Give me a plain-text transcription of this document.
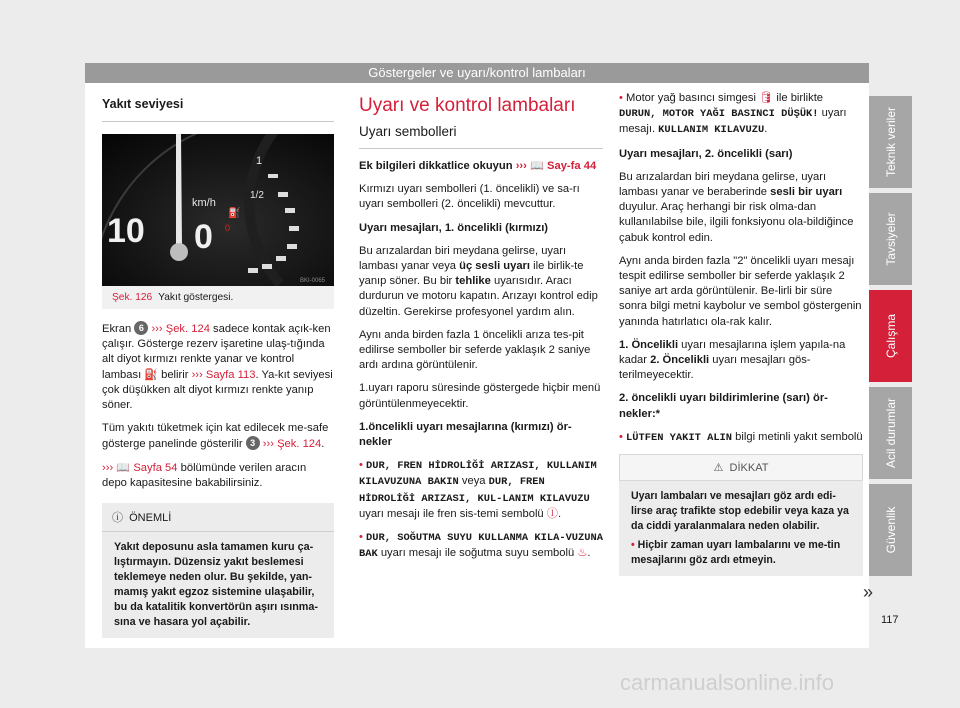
Göstergeler ve uyarı/kontrol lambaları
Yakıt seviyesi
km/h
10 0
1
1/2
⛽
0
BKI-0065
Şek. 126 Yakıt göstergesi.

Ekran 6 ››› Şek. 124 sadece kontak açık-ken çalışır. Gösterge rezerv işaretine ulaş-tığında alt diyot kırmızı renkte yanar ve kontrol lambası ⛽ belirir ››› Sayfa 113. Ya-kıt seviyesi çok düşükken alt diyot kırmızı renkte yanıp söner.

Tüm yakıtı tüketmek için kat edilecek me-safe gösterge panelinde gösterilir 3 ››› Şek. 124.

››› 📖 Sayfa 54 bölümünde verilen aracın depo kapasitesine bakabilirsiniz.

ⓘ ÖNEMLİ
Yakıt deposunu asla tamamen kuru ça-lıştırmayın. Düzensiz yakıt beslemesi teklemeye neden olur. Bu şekilde, yan-mamış yakıt egzoz sistemine ulaşabilir, bu da katalitik konvertörün aşırı ısınma-sına ve hasara yol açabilir.
Uyarı ve kontrol lambaları
Uyarı sembolleri

Ek bilgileri dikkatlice okuyun ››› 📖 Say-fa 44

Kırmızı uyarı sembolleri (1. öncelikli) ve sa-rı uyarı sembolleri (2. öncelikli) mevcuttur.

Uyarı mesajları, 1. öncelikli (kırmızı)

Bu arızalardan biri meydana gelirse, uyarı lambası yanar veya üç sesli uyarı ile birlik-te yanıp söner. Bu bir tehlike uyarısıdır. Aracı durdurun ve motoru kapatın. Arızayı kontrol edip düzeltin. Gerekirse profesyonel yardım alın.

Aynı anda birden fazla 1 öncelikli arıza tes-pit edilirse semboller bir seferde yaklaşık 2 saniye ardı ardına görüntülenir.

1.uyarı raporu süresinde göstergede hiçbir menü görüntülenmeyecektir.

1.öncelikli uyarı mesajlarına (kırmızı) ör-nekler

• DUR, FREN HİDROLİĞİ ARIZASI, KULLANIM KILAVUZUNA BAKIN veya DUR, FREN HİDROLİĞİ ARIZASI, KUL-LANIM KILAVUZU uyarı mesajı ile fren sis-temi sembolü Ⓘ.

• DUR, SOĞUTMA SUYU KULLANMA KILA-VUZUNA BAK uyarı mesajı ile soğutma suyu sembolü ♨.

• Motor yağ basıncı simgesi 🛢 ile birlikte DURUN, MOTOR YAĞI BASINCI DÜŞÜK! uyarı mesajı. KULLANIM KILAVUZU.

Uyarı mesajları, 2. öncelikli (sarı)

Bu arızalardan biri meydana gelirse, uyarı lambası yanar ve beraberinde sesli bir uyarı duyulur. Araç herhangi bir risk olma-dan kullanılabilse bile, ilgili fonksiyonu ola-bildiğince çabuk kontrol edin.

Aynı anda birden fazla "2" öncelikli uyarı mesajı tespit edilirse semboller bir seferde yaklaşık 2 saniye art arda görüntülenir. Be-lirli bir süre sonra bilgi metni kaybolur ve sembol göstergenin yanında hatırlatıcı ola-rak kalır.

1. Öncelikli uyarı mesajlarına işlem yapıla-na kadar 2. Öncelikli uyarı mesajları gös-terilmeyecektir.

2. öncelikli uyarı bildirimlerine (sarı) ör-nekler:*

• LÜTFEN YAKIT ALIN bilgi metinli yakıt sembolü

⚠ DİKKAT
Uyarı lambaları ve mesajları göz ardı edi-lirse araç trafikte stop edebilir veya kaza ya da ciddi yaralanmalara neden olabilir.
• Hiçbir zaman uyarı lambalarını ve me-tin mesajlarını göz ardı etmeyin.
Teknik veriler
Tavsiyeler
Çalışma
Acil durumlar
Güvenlik
»
117
carmanualsonline.info
